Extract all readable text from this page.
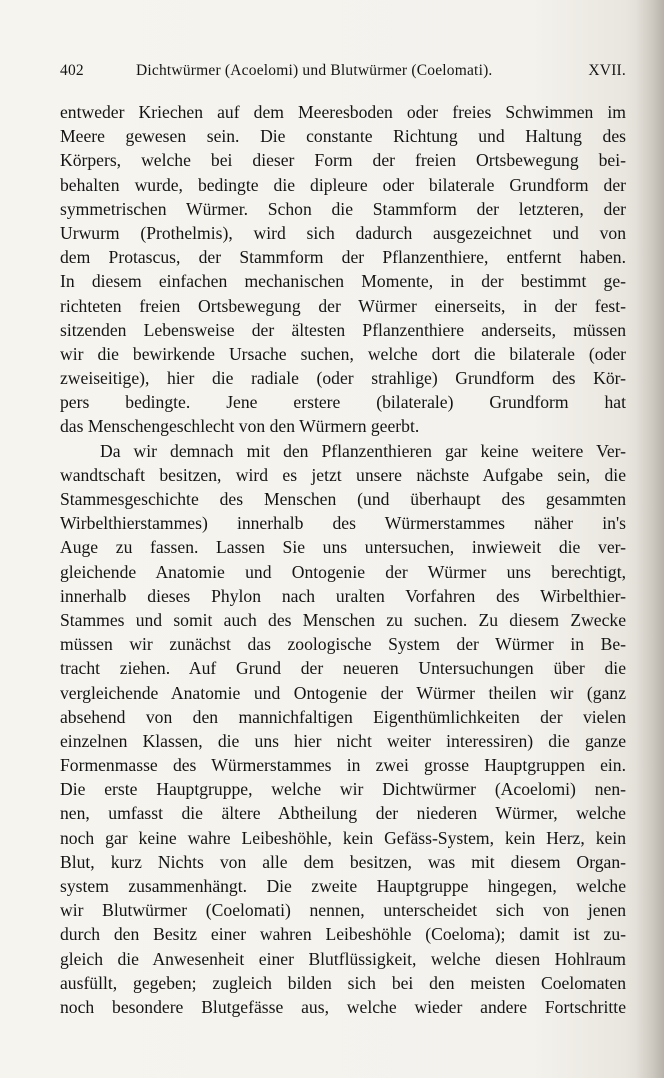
402	Dichtwürmer (Acoelomi) und Blutwürmer (Coelomati).	XVII.
entweder Kriechen auf dem Meeresboden oder freies Schwimmen im
Meere gewesen sein. Die constante Richtung und Haltung des
Körpers, welche bei dieser Form der freien Ortsbewegung bei-
behalten wurde, bedingte die dipleure oder bilaterale Grundform der
symmetrischen Würmer. Schon die Stammform der letzteren, der
Urwurm (Prothelmis), wird sich dadurch ausgezeichnet und von
dem Protascus, der Stammform der Pflanzenthiere, entfernt haben.
In diesem einfachen mechanischen Momente, in der bestimmt ge-
richteten freien Ortsbewegung der Würmer einerseits, in der fest-
sitzenden Lebensweise der ältesten Pflanzenthiere anderseits, müssen
wir die bewirkende Ursache suchen, welche dort die bilaterale (oder
zweiseitige), hier die radiale (oder strahlige) Grundform des Kör-
pers bedingte. Jene erstere (bilaterale) Grundform hat
das Menschengeschlecht von den Würmern geerbt.
Da wir demnach mit den Pflanzenthieren gar keine weitere Ver-
wandtschaft besitzen, wird es jetzt unsere nächste Aufgabe sein, die
Stammesgeschichte des Menschen (und überhaupt des gesammten
Wirbelthierstammes) innerhalb des Würmerstammes näher in's
Auge zu fassen. Lassen Sie uns untersuchen, inwieweit die ver-
gleichende Anatomie und Ontogenie der Würmer uns berechtigt,
innerhalb dieses Phylon nach uralten Vorfahren des Wirbelthier-
Stammes und somit auch des Menschen zu suchen. Zu diesem Zwecke
müssen wir zunächst das zoologische System der Würmer in Be-
tracht ziehen. Auf Grund der neueren Untersuchungen über die
vergleichende Anatomie und Ontogenie der Würmer theilen wir (ganz
absehend von den mannichfaltigen Eigenthümlichkeiten der vielen
einzelnen Klassen, die uns hier nicht weiter interessiren) die ganze
Formenmasse des Würmerstammes in zwei grosse Hauptgruppen ein.
Die erste Hauptgruppe, welche wir Dichtwürmer (Acoelomi) nen-
nen, umfasst die ältere Abtheilung der niederen Würmer, welche
noch gar keine wahre Leibeshöhle, kein Gefäss-System, kein Herz, kein
Blut, kurz Nichts von alle dem besitzen, was mit diesem Organ-
system zusammenhängt. Die zweite Hauptgruppe hingegen, welche
wir Blutwürmer (Coelomati) nennen, unterscheidet sich von jenen
durch den Besitz einer wahren Leibeshöhle (Coeloma); damit ist zu-
gleich die Anwesenheit einer Blutflüssigkeit, welche diesen Hohlraum
ausfüllt, gegeben; zugleich bilden sich bei den meisten Coelomaten
noch besondere Blutgefässe aus, welche wieder andere Fortschritte
